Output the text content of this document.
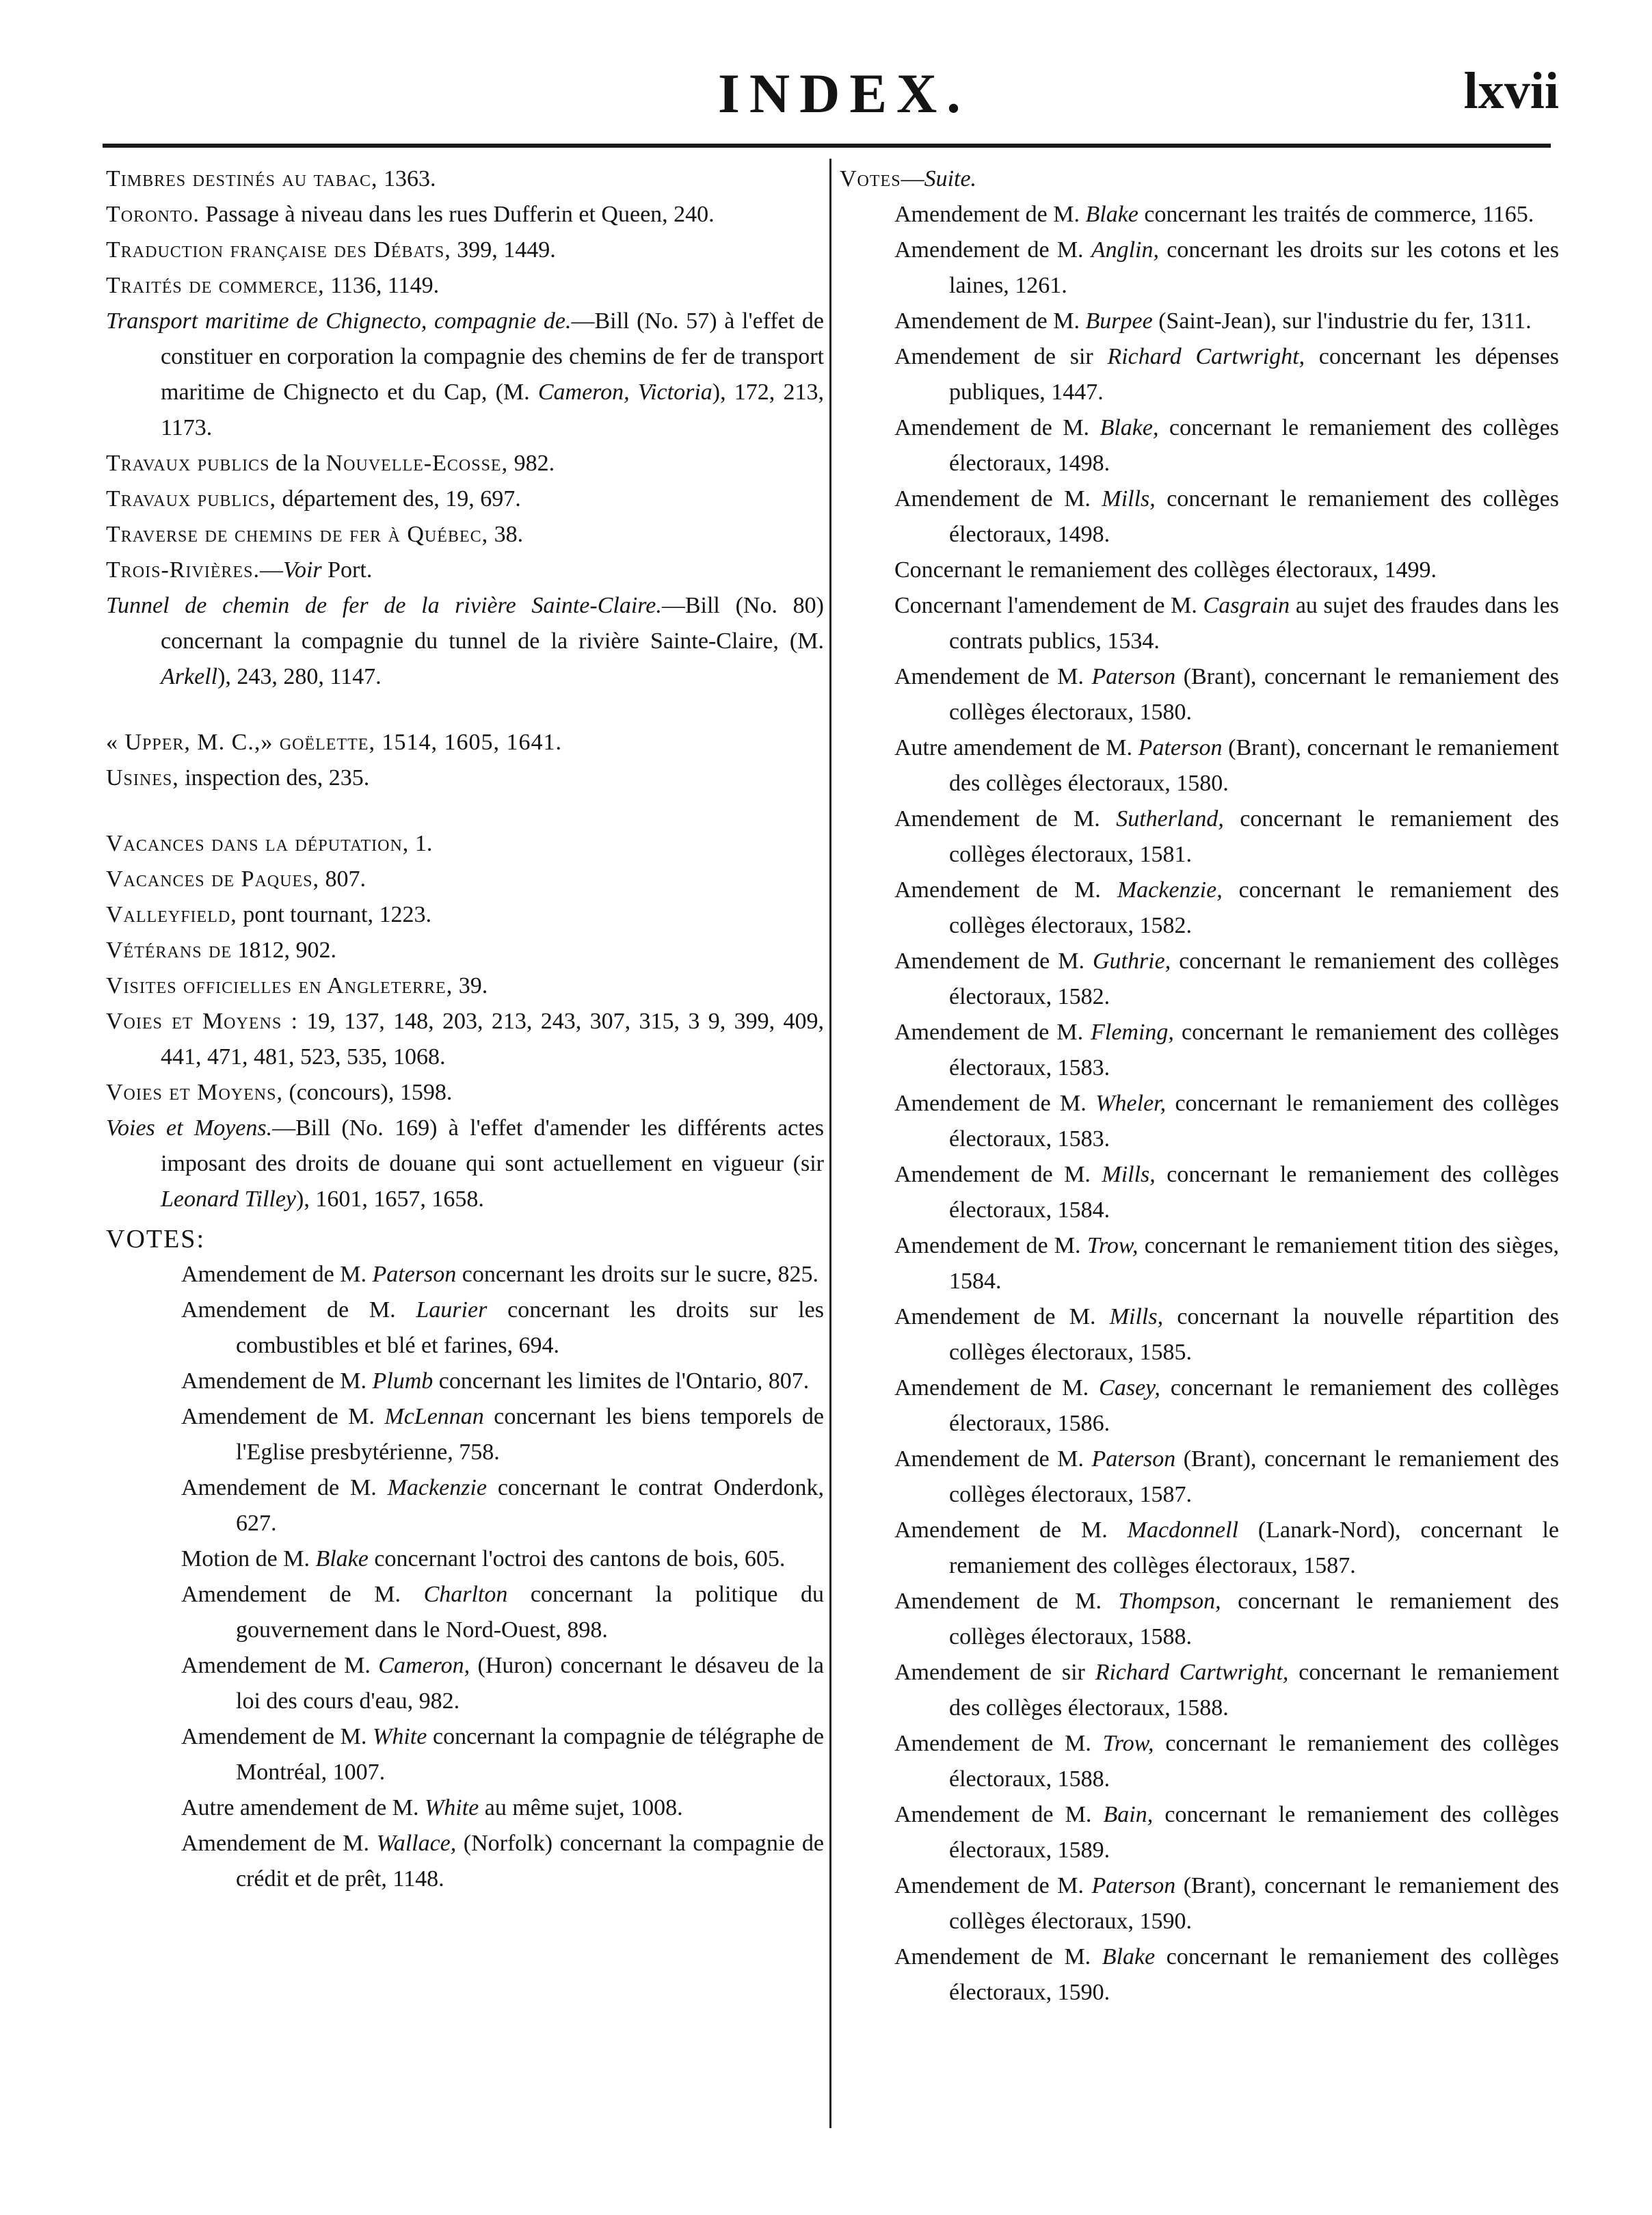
INDEX.	lxvii
Timbres destinés au tabac, 1363.
Toronto. Passage à niveau dans les rues Dufferin et Queen, 240.
Traduction française des Débats, 399, 1449.
Traités de commerce, 1136, 1149.
Transport maritime de Chignecto, compagnie de.—Bill (No. 57) à l'effet de constituer en corporation la compagnie des chemins de fer de transport maritime de Chignecto et du Cap, (M. Cameron, Victoria), 172, 213, 1173.
Travaux publics de la Nouvelle-Ecosse, 982.
Travaux publics, département des, 19, 697.
Traverse de chemins de fer à Québec, 38.
Trois-Rivières.—Voir Port.
Tunnel de chemin de fer de la rivière Sainte-Claire.—Bill (No. 80) concernant la compagnie du tunnel de la rivière Sainte-Claire, (M. Arkell), 243, 280, 1147.
« Upper, M. C.,» goëlette, 1514, 1605, 1641.
Usines, inspection des, 235.
Vacances dans la députation, 1.
Vacances de Paques, 807.
Valleyfield, pont tournant, 1223.
Vétérans de 1812, 902.
Visites officielles en Angleterre, 39.
Voies et Moyens : 19, 137, 148, 203, 213, 243, 307, 315, 3 9, 399, 409, 441, 471, 481, 523, 535, 1068.
Voies et Moyens, (concours), 1598.
Voies et Moyens.—Bill (No. 169) à l'effet d'amender les différents actes imposant des droits de douane qui sont actuellement en vigueur (sir Leonard Tilley), 1601, 1657, 1658.
VOTES:
Amendement de M. Paterson concernant les droits sur le sucre, 825.
Amendement de M. Laurier concernant les droits sur les combustibles et blé et farines, 694.
Amendement de M. Plumb concernant les limites de l'Ontario, 807.
Amendement de M. McLennan concernant les biens temporels de l'Eglise presbytérienne, 758.
Amendement de M. Mackenzie concernant le contrat Onderdonk, 627.
Motion de M. Blake concernant l'octroi des cantons de bois, 605.
Amendement de M. Charlton concernant la politique du gouvernement dans le Nord-Ouest, 898.
Amendement de M. Cameron, (Huron) concernant le désaveu de la loi des cours d'eau, 982.
Amendement de M. White concernant la compagnie de télégraphe de Montréal, 1007.
Autre amendement de M. White au même sujet, 1008.
Amendement de M. Wallace, (Norfolk) concernant la compagnie de crédit et de prêt, 1148.
Votes—Suite.
Amendement de M. Blake concernant les traités de commerce, 1165.
Amendement de M. Anglin, concernant les droits sur les cotons et les laines, 1261.
Amendement de M. Burpee (Saint-Jean), sur l'industrie du fer, 1311.
Amendement de sir Richard Cartwright, concernant les dépenses publiques, 1447.
Amendement de M. Blake, concernant le remaniement des collèges électoraux, 1498.
Amendement de M. Mills, concernant le remaniement des collèges électoraux, 1498.
Concernant le remaniement des collèges électoraux, 1499.
Concernant l'amendement de M. Casgrain au sujet des fraudes dans les contrats publics, 1534.
Amendement de M. Paterson (Brant), concernant le remaniement des collèges électoraux, 1580.
Autre amendement de M. Paterson (Brant), concernant le remaniement des collèges électoraux, 1580.
Amendement de M. Sutherland, concernant le remaniement des collèges électoraux, 1581.
Amendement de M. Mackenzie, concernant le remaniement des collèges électoraux, 1582.
Amendement de M. Guthrie, concernant le remaniement des collèges électoraux, 1582.
Amendement de M. Fleming, concernant le remaniement des collèges électoraux, 1583.
Amendement de M. Wheler, concernant le remaniement des collèges électoraux, 1583.
Amendement de M. Mills, concernant le remaniement des collèges électoraux, 1584.
Amendement de M. Trow, concernant le remaniement tition des sièges, 1584.
Amendement de M. Mills, concernant la nouvelle répartition des collèges électoraux, 1585.
Amendement de M. Casey, concernant le remaniement des collèges électoraux, 1586.
Amendement de M. Paterson (Brant), concernant le remaniement des collèges électoraux, 1587.
Amendement de M. Macdonnell (Lanark-Nord), concernant le remaniement des collèges électoraux, 1587.
Amendement de M. Thompson, concernant le remaniement des collèges électoraux, 1588.
Amendement de sir Richard Cartwright, concernant le remaniement des collèges électoraux, 1588.
Amendement de M. Trow, concernant le remaniement des collèges électoraux, 1588.
Amendement de M. Bain, concernant le remaniement des collèges électoraux, 1589.
Amendement de M. Paterson (Brant), concernant le remaniement des collèges électoraux, 1590.
Amendement de M. Blake concernant le remaniement des collèges électoraux, 1590.
